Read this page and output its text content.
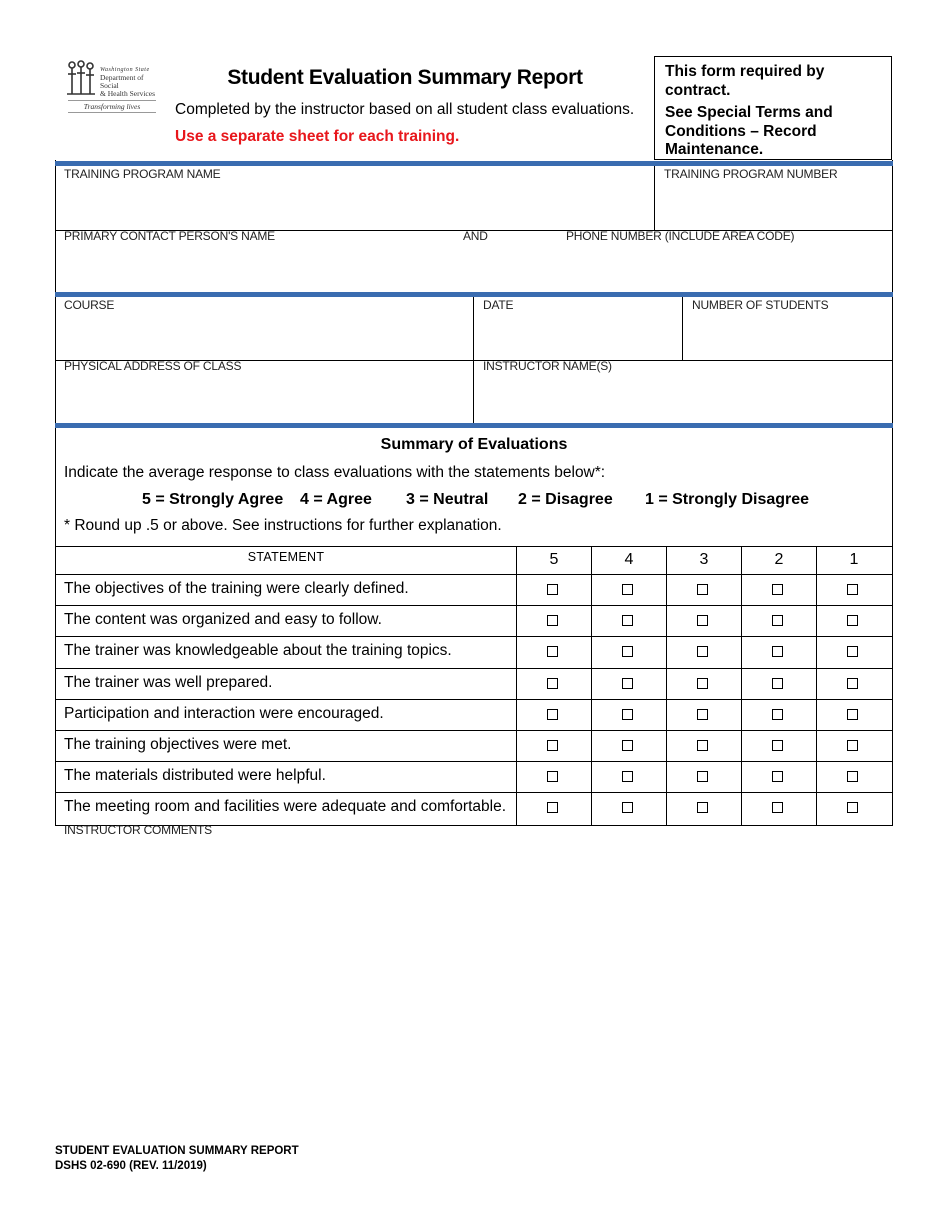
Washington State
Department of Social
& Health Services
Transforming lives
Student Evaluation Summary Report
Completed by the instructor based on all student class evaluations.
Use a separate sheet for each training.

This form required by contract.

See Special Terms and Conditions – Record Maintenance.

TRAINING PROGRAM NAME	TRAINING PROGRAM NUMBER
PRIMARY CONTACT PERSON'S NAME	AND	PHONE NUMBER (INCLUDE AREA CODE)
COURSE	DATE	NUMBER OF STUDENTS
PHYSICAL ADDRESS OF CLASS	INSTRUCTOR NAME(S)
Summary of Evaluations
Indicate the average response to class evaluations with the statements below*:
5 = Strongly Agree 4 = Agree 3 = Neutral 2 = Disagree 1 = Strongly Disagree
* Round up .5 or above. See instructions for further explanation.
STATEMENT	5	4	3	2	1
The objectives of the training were clearly defined.
The content was organized and easy to follow.
The trainer was knowledgeable about the training topics.
The trainer was well prepared.
Participation and interaction were encouraged.
The training objectives were met.
The materials distributed were helpful.
The meeting room and facilities were adequate and comfortable.
INSTRUCTOR COMMENTS
STUDENT EVALUATION SUMMARY REPORT
DSHS 02-690 (REV. 11/2019)
